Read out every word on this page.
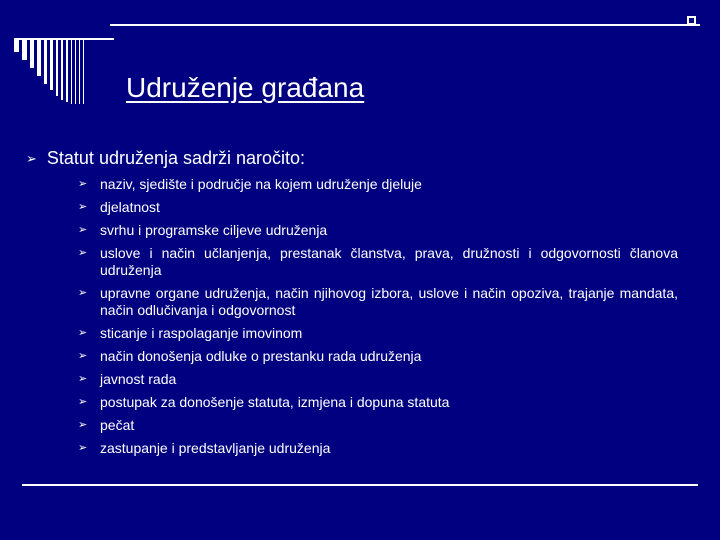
Udruženje građana
➢ Statut udruženja sadrži naročito:
➢ naziv, sjedište i područje na kojem udruženje djeluje
➢ djelatnost
➢ svrhu i programske ciljeve udruženja
➢ uslove i način učlanjenja, prestanak članstva, prava, družnosti i odgovornosti članova udruženja
➢ upravne organe udruženja, način njihovog izbora, uslove i način opoziva, trajanje mandata, način odlučivanja i odgovornost
➢ sticanje i raspolaganje imovinom
➢ način donošenja odluke o prestanku rada udruženja
➢ javnost rada
➢ postupak za donošenje statuta, izmjena i dopuna statuta
➢ pečat
➢ zastupanje i predstavljanje udruženja
